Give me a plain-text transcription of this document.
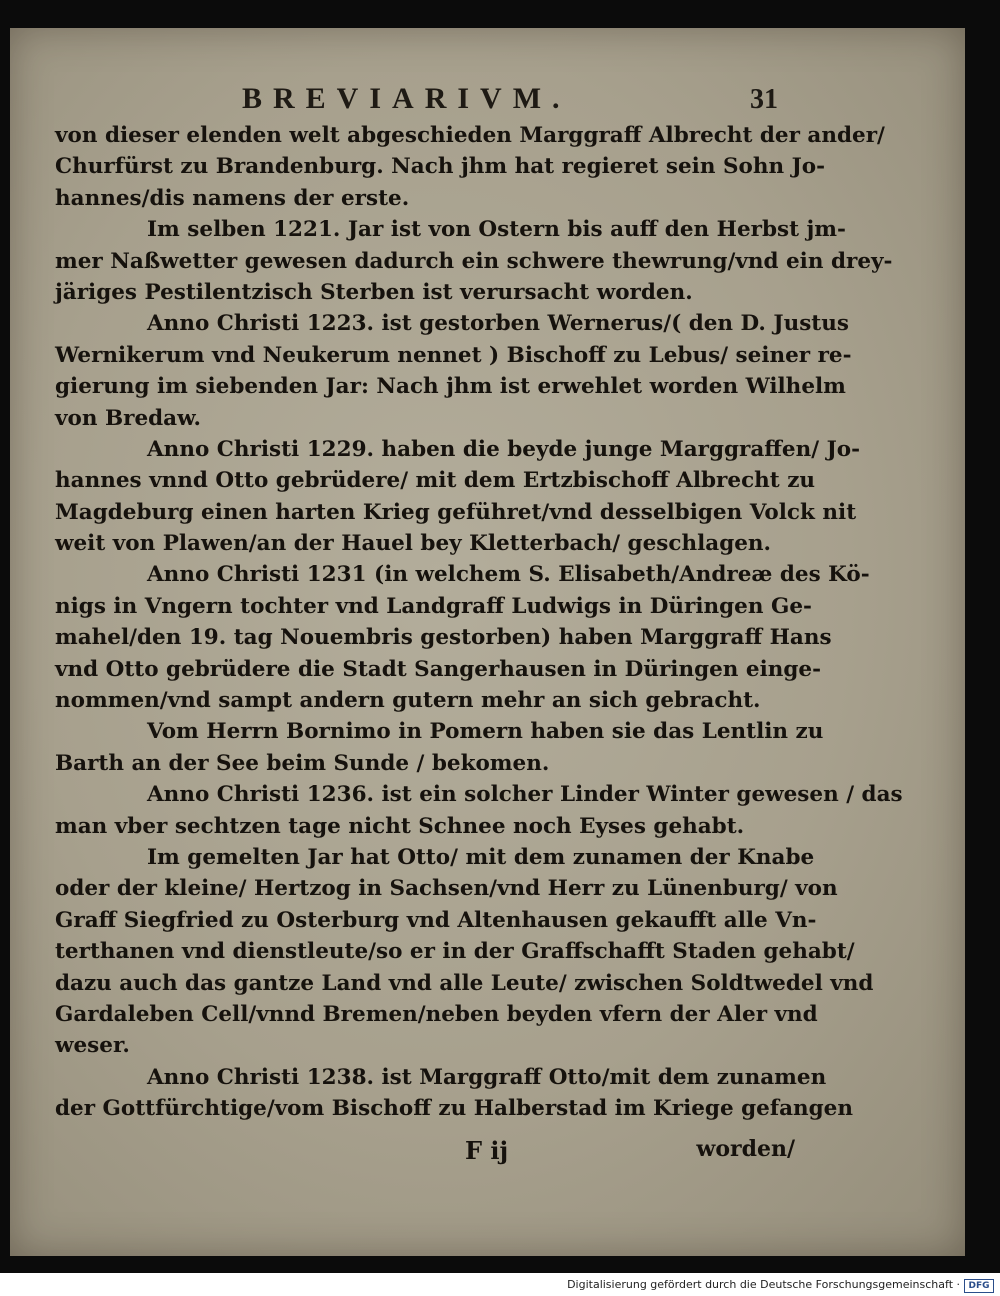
BREVIARIVM.	31
von dieser elenden welt abgeschieden Marggraff Albrecht der ander/
Churfürst zu Brandenburg. Nach jhm hat regieret sein Sohn Jo-
hannes/dis namens der erste.
Im selben 1221. Jar ist von Ostern bis auff den Herbst jm-
mer Naßwetter gewesen dadurch ein schwere thewrung/vnd ein drey-
järiges Pestilentzisch Sterben ist verursacht worden.
Anno Christi 1223. ist gestorben Wernerus/( den D. Justus
Wernikerum vnd Neukerum nennet ) Bischoff zu Lebus/ seiner re-
gierung im siebenden Jar: Nach jhm ist erwehlet worden Wilhelm
von Bredaw.
Anno Christi 1229. haben die beyde junge Marggraffen/ Jo-
hannes vnnd Otto gebrüdere/ mit dem Ertzbischoff Albrecht zu
Magdeburg einen harten Krieg geführet/vnd desselbigen Volck nit
weit von Plawen/an der Hauel bey Kletterbach/ geschlagen.
Anno Christi 1231 (in welchem S. Elisabeth/Andreæ des Kö-
nigs in Vngern tochter vnd Landgraff Ludwigs in Düringen Ge-
mahel/den 19. tag Nouembris gestorben) haben Marggraff Hans
vnd Otto gebrüdere die Stadt Sangerhausen in Düringen einge-
nommen/vnd sampt andern gutern mehr an sich gebracht.
Vom Herrn Bornimo in Pomern haben sie das Lentlin zu
Barth an der See beim Sunde / bekomen.
Anno Christi 1236. ist ein solcher Linder Winter gewesen / das
man vber sechtzen tage nicht Schnee noch Eyses gehabt.
Im gemelten Jar hat Otto/ mit dem zunamen der Knabe
oder der kleine/ Hertzog in Sachsen/vnd Herr zu Lünenburg/ von
Graff Siegfried zu Osterburg vnd Altenhausen gekaufft alle Vn-
terthanen vnd dienstleute/so er in der Graffschafft Staden gehabt/
dazu auch das gantze Land vnd alle Leute/ zwischen Soldtwedel vnd
Gardaleben Cell/vnnd Bremen/neben beyden vfern der Aler vnd
weser.
Anno Christi 1238. ist Marggraff Otto/mit dem zunamen
der Gottfürchtige/vom Bischoff zu Halberstad im Kriege gefangen
F ij	worden/
Digitalisierung gefördert durch die Deutsche Forschungsgemeinschaft · DFG
